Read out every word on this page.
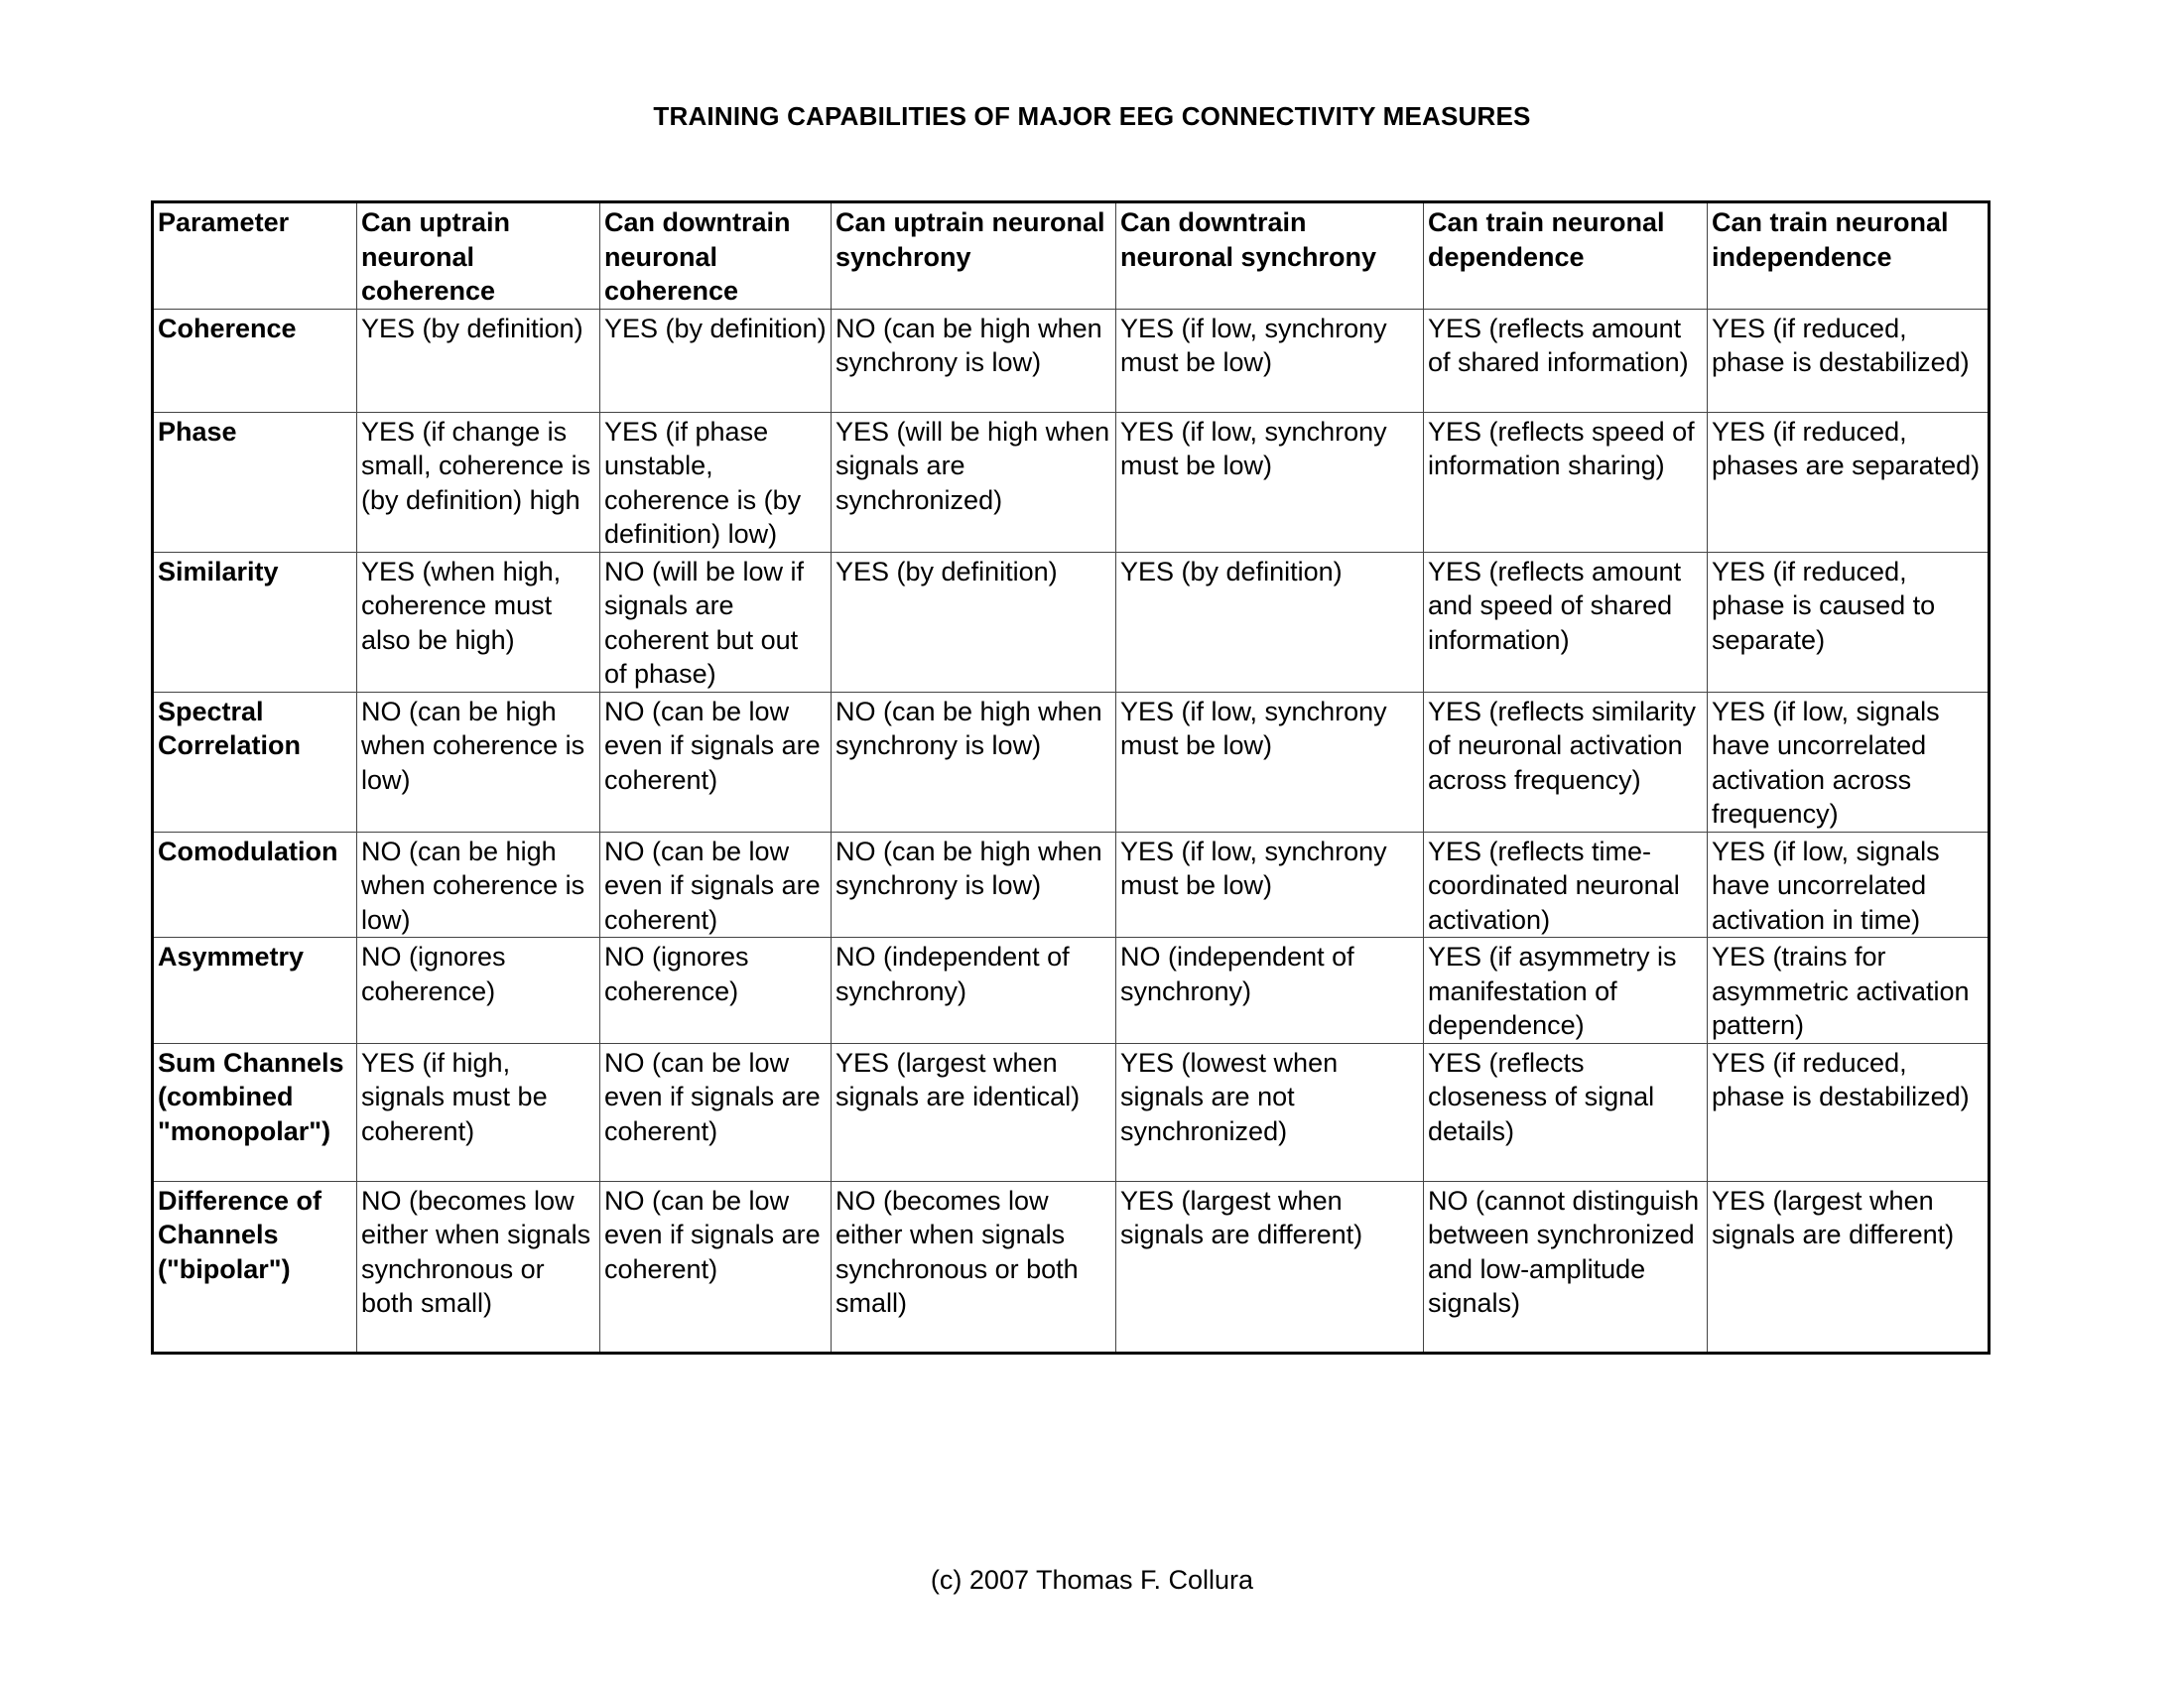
TRAINING CAPABILITIES OF MAJOR EEG CONNECTIVITY MEASURES
Parameter	Can uptrain neuronal coherence	Can downtrain neuronal coherence	Can uptrain neuronal synchrony	Can downtrain neuronal synchrony	Can train neuronal dependence	Can train neuronal independence
Coherence	YES (by definition)	YES (by definition)	NO (can be high when synchrony is low)	YES (if low, synchrony must be low)	YES (reflects amount of shared information)	YES (if reduced, phase is destabilized)
Phase	YES (if change is small, coherence is (by definition) high	YES (if phase unstable, coherence is (by definition) low)	YES (will be high when signals are synchronized)	YES (if low, synchrony must be low)	YES (reflects speed of information sharing)	YES (if reduced, phases are separated)
Similarity	YES (when high, coherence must also be high)	NO (will be low if signals are coherent but out of phase)	YES (by definition)	YES (by definition)	YES (reflects amount and speed of shared information)	YES (if reduced, phase is caused to separate)
Spectral Correlation	NO (can be high when coherence is low)	NO (can be low even if signals are coherent)	NO (can be high when synchrony is low)	YES (if low, synchrony must be low)	YES (reflects similarity of neuronal activation across frequency)	YES (if low, signals have uncorrelated activation across frequency)
Comodulation	NO (can be high when coherence is low)	NO (can be low even if signals are coherent)	NO (can be high when synchrony is low)	YES (if low, synchrony must be low)	YES (reflects time-coordinated neuronal activation)	YES (if low, signals have uncorrelated activation in time)
Asymmetry	NO (ignores coherence)	NO (ignores coherence)	NO (independent of synchrony)	NO (independent of synchrony)	YES (if asymmetry is manifestation of dependence)	YES (trains for asymmetric activation pattern)
Sum Channels (combined "monopolar")	YES (if high, signals must be coherent)	NO (can be low even if signals are coherent)	YES (largest when signals are identical)	YES (lowest when signals are not synchronized)	YES (reflects closeness of signal details)	YES (if reduced, phase is destabilized)
Difference of Channels ("bipolar")	NO (becomes low either when signals synchronous or both small)	NO (can be low even if signals are coherent)	NO (becomes low either when signals synchronous or both small)	YES (largest when signals are different)	NO (cannot distinguish between synchronized and low-amplitude signals)	YES (largest when signals are different)
(c) 2007 Thomas F. Collura
